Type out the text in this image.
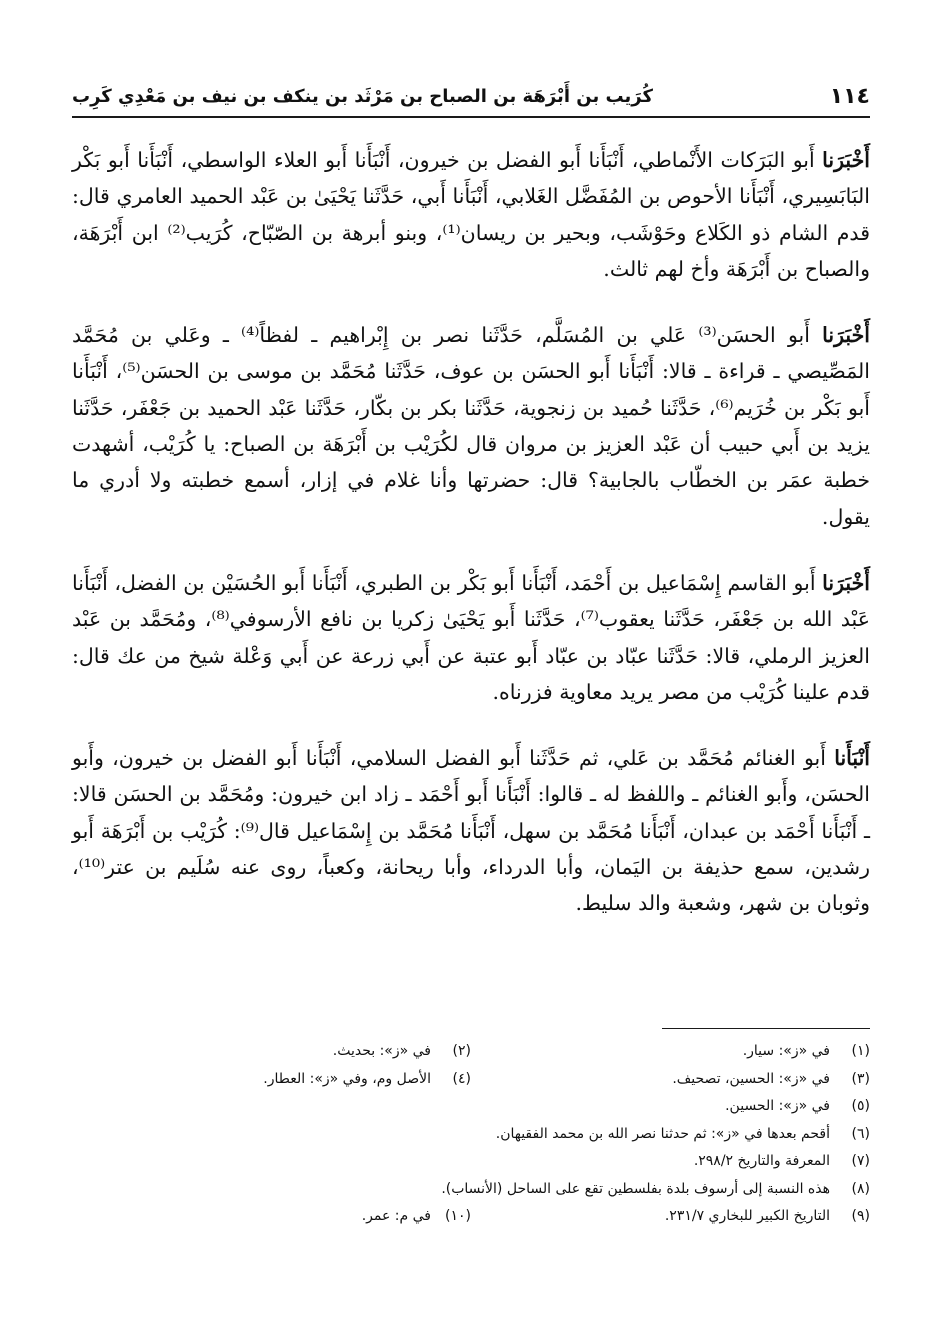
١١٤
كُرَيب بن أَبْرَهَة بن الصباح بن مَرْثَد بن ينكف بن نيف بن مَعْدِي كَرِب

أَخْبَرَنا أَبو البَرَكات الأَنْماطي، أَنْبَأَنا أَبو الفضل بن خيرون، أَنْبَأَنا أَبو العلاء الواسطي، أَنْبَأَنا أَبو بَكْر البَابَسِيري، أَنْبَأَنا الأحوص بن المُفَضَّل الغَلابي، أَنْبَأَنا أَبي، حَدَّثَنا يَحْيَىٰ بن عَبْد الحميد العامري قال: قدم الشام ذو الكَلاع وحَوْشَب، وبحير بن ريسان⁽¹⁾، وبنو أبرهة بن الصّبّاح، كُرَيب⁽²⁾ ابن أَبْرَهَة، والصباح بن أَبْرَهَة وأخ لهم ثالث.

أَخْبَرَنا أَبو الحسَن⁽³⁾ عَلي بن المُسَلَّم، حَدَّثَنا نصر بن إِبْراهيم ـ لفظاً⁽⁴⁾ ـ وعَلي بن مُحَمَّد المَصِّيصي ـ قراءة ـ قالا: أَنْبَأَنا أَبو الحسَن بن عوف، حَدَّثَنا مُحَمَّد بن موسى بن الحسَن⁽⁵⁾، أَنْبَأَنا أَبو بَكْر بن خُرَيم⁽⁶⁾، حَدَّثَنا حُميد بن زنجوية، حَدَّثَنا بكر بن بكّار، حَدَّثَنا عَبْد الحميد بن جَعْفَر، حَدَّثَنا يزيد بن أَبي حبيب أن عَبْد العزيز بن مروان قال لكُرَيْب بن أَبْرَهَة بن الصباح: يا كُرَيْب، أشهدت خطبة عمَر بن الخطّاب بالجابية؟ قال: حضرتها وأنا غلام في إزار، أسمع خطبته ولا أدري ما يقول.

أَخْبَرَنا أَبو القاسم إِسْمَاعيل بن أَحْمَد، أَنْبَأَنا أَبو بَكْر بن الطبري، أَنْبَأَنا أَبو الحُسَيْن بن الفضل، أَنْبَأَنا عَبْد الله بن جَعْفَر، حَدَّثَنا يعقوب⁽⁷⁾، حَدَّثَنا أَبو يَحْيَىٰ زكريا بن نافع الأرسوفي⁽⁸⁾، ومُحَمَّد بن عَبْد العزيز الرملي، قالا: حَدَّثَنا عبّاد بن عبّاد أَبو عتبة عن أَبي زرعة عن أَبي وَعْلة شيخ من عك قال: قدم علينا كُرَيْب من مصر يريد معاوية فزرناه.

أَنْبَأَنا أَبو الغنائم مُحَمَّد بن عَلي، ثم حَدَّثَنا أَبو الفضل السلامي، أَنْبَأَنا أَبو الفضل بن خيرون، وأَبو الحسَن، وأَبو الغنائم ـ واللفظ له ـ قالوا: أَنْبَأَنا أَبو أَحْمَد ـ زاد ابن خيرون: ومُحَمَّد بن الحسَن قالا: ـ أَنْبَأَنا أَحْمَد بن عبدان، أَنْبَأَنا مُحَمَّد بن سهل، أَنْبَأَنا مُحَمَّد بن إِسْمَاعيل قال⁽⁹⁾: كُرَيْب بن أَبْرَهَة أَبو رشدين، سمع حذيفة بن اليَمان، وأبا الدرداء، وأبا ريحانة، وكعباً، روى عنه سُلَيم بن عتر⁽¹⁰⁾، وثوبان بن شهر، وشعبة والد سليط.

(١)
في «ز»: سيار.
(٢)
في «ز»: بحديث.
(٣)
في «ز»: الحسين، تصحيف.
(٤)
الأصل وم، وفي «ز»: العطار.
(٥)
في «ز»: الحسين.
(٦)
أقحم بعدها في «ز»: ثم حدثنا نصر الله بن محمد الفقيهان.
(٧)
المعرفة والتاريخ ٢٩٨/٢.
(٨)
هذه النسبة إلى أرسوف بلدة بفلسطين تقع على الساحل (الأنساب).
(٩)
التاريخ الكبير للبخاري ٢٣١/٧.
(١٠)
في م: عمر.
